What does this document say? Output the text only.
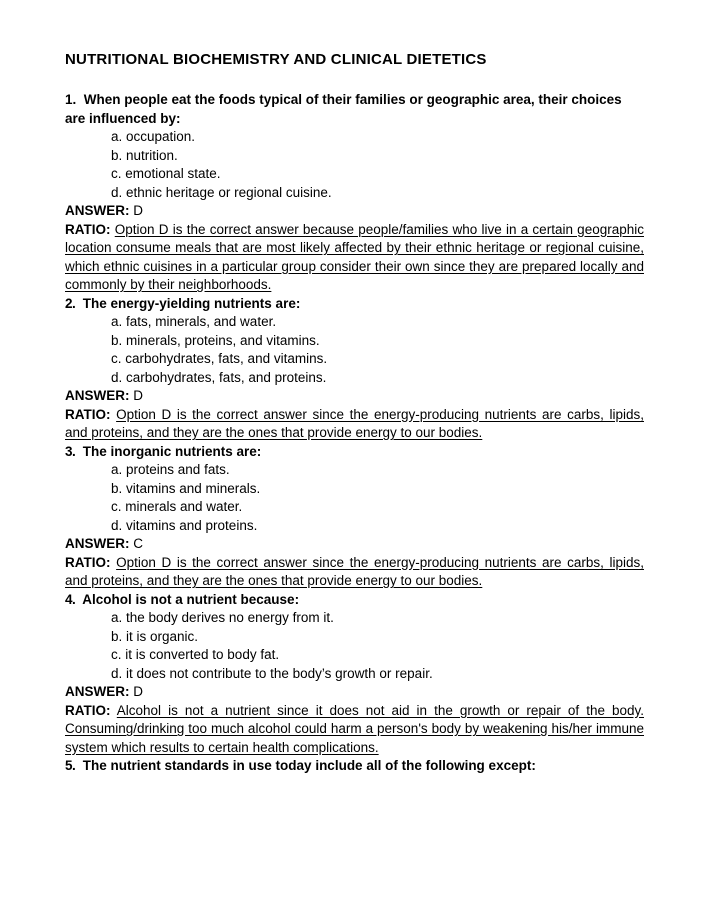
NUTRITIONAL BIOCHEMISTRY AND CLINICAL DIETETICS

1. When people eat the foods typical of their families or geographic area, their choices are influenced by:

a. occupation.
b. nutrition.
c. emotional state.
d. ethnic heritage or regional cuisine.

ANSWER: D

RATIO: Option D is the correct answer because people/families who live in a certain geographic location consume meals that are most likely affected by their ethnic heritage or regional cuisine, which ethnic cuisines in a particular group consider their own since they are prepared locally and commonly by their neighborhoods.

2. The energy-yielding nutrients are:

a. fats, minerals, and water.
b. minerals, proteins, and vitamins.
c. carbohydrates, fats, and vitamins.
d. carbohydrates, fats, and proteins.

ANSWER: D

RATIO: Option D is the correct answer since the energy-producing nutrients are carbs, lipids, and proteins, and they are the ones that provide energy to our bodies.

3. The inorganic nutrients are:

a. proteins and fats.
b. vitamins and minerals.
c. minerals and water.
d. vitamins and proteins.

ANSWER: C

RATIO: Option D is the correct answer since the energy-producing nutrients are carbs, lipids, and proteins, and they are the ones that provide energy to our bodies.

4. Alcohol is not a nutrient because:

a. the body derives no energy from it.
b. it is organic.
c. it is converted to body fat.
d. it does not contribute to the body’s growth or repair.

ANSWER: D

RATIO: Alcohol is not a nutrient since it does not aid in the growth or repair of the body. Consuming/drinking too much alcohol could harm a person's body by weakening his/her immune system which results to certain health complications.

5. The nutrient standards in use today include all of the following except:
